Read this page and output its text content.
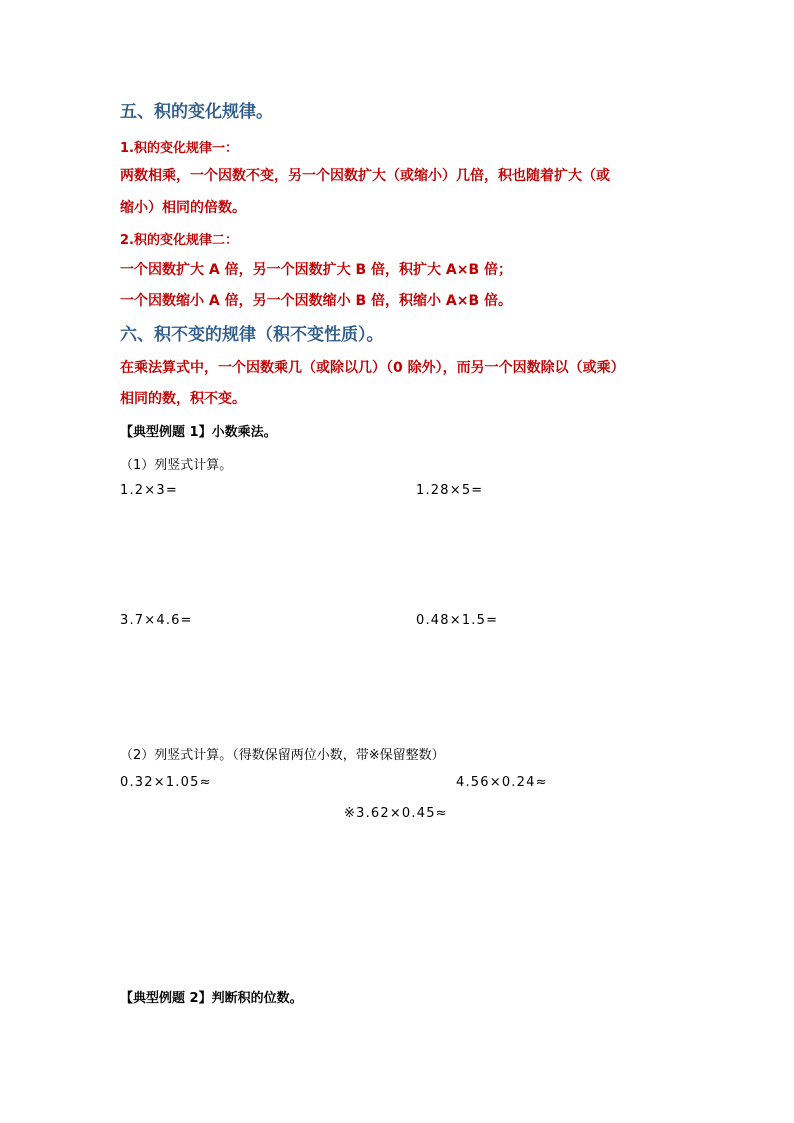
五、积的变化规律。
1.积的变化规律一：
两数相乘，一个因数不变，另一个因数扩大（或缩小）几倍，积也随着扩大（或
缩小）相同的倍数。
2.积的变化规律二：
一个因数扩大 A 倍，另一个因数扩大 B 倍，积扩大 A×B 倍；
一个因数缩小 A 倍，另一个因数缩小 B 倍，积缩小 A×B 倍。
六、积不变的规律（积不变性质）。
在乘法算式中，一个因数乘几（或除以几）（0 除外），而另一个因数除以（或乘）
相同的数，积不变。
【典型例题 1】小数乘法。
（1）列竖式计算。
1.2×3=	1.28×5=
3.7×4.6=	0.48×1.5=
（2）列竖式计算。（得数保留两位小数，带※保留整数）
0.32×1.05≈	4.56×0.24≈
※3.62×0.45≈
【典型例题 2】判断积的位数。
